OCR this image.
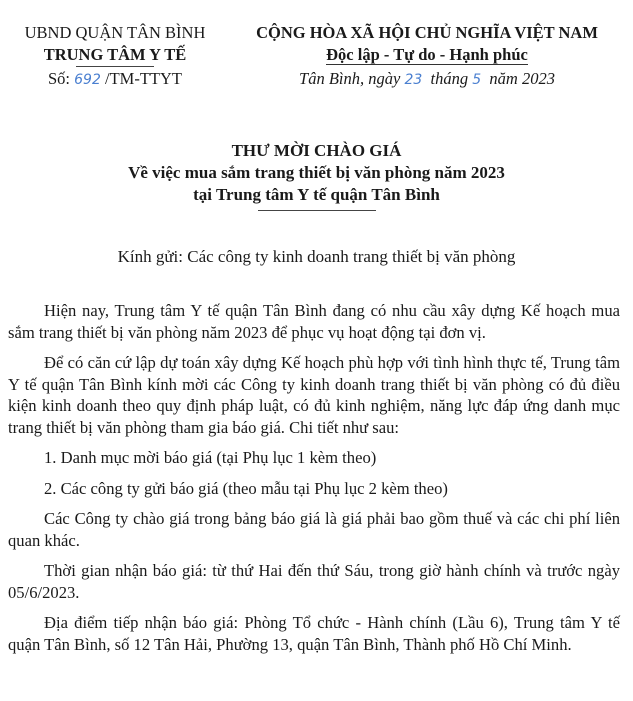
UBND QUẬN TÂN BÌNH
TRUNG TÂM Y TẾ
Số: 692 /TM-TTYT
CỘNG HÒA XÃ HỘI CHỦ NGHĨA VIỆT NAM
Độc lập - Tự do - Hạnh phúc
Tân Bình, ngày 23 tháng 5 năm 2023
THƯ MỜI CHÀO GIÁ
Về việc mua sắm trang thiết bị văn phòng năm 2023
tại Trung tâm Y tế quận Tân Bình
Kính gửi: Các công ty kinh doanh trang thiết bị văn phòng

Hiện nay, Trung tâm Y tế quận Tân Bình đang có nhu cầu xây dựng Kế hoạch mua sắm trang thiết bị văn phòng năm 2023 để phục vụ hoạt động tại đơn vị.

Để có căn cứ lập dự toán xây dựng Kế hoạch phù hợp với tình hình thực tế, Trung tâm Y tế quận Tân Bình kính mời các Công ty kinh doanh trang thiết bị văn phòng có đủ điều kiện kinh doanh theo quy định pháp luật, có đủ kinh nghiệm, năng lực đáp ứng danh mục trang thiết bị văn phòng tham gia báo giá. Chi tiết như sau:

1. Danh mục mời báo giá (tại Phụ lục 1 kèm theo)

2. Các công ty gửi báo giá (theo mẫu tại Phụ lục 2 kèm theo)

Các Công ty chào giá trong bảng báo giá là giá phải bao gồm thuế và các chi phí liên quan khác.

Thời gian nhận báo giá: từ thứ Hai đến thứ Sáu, trong giờ hành chính và trước ngày 05/6/2023.

Địa điểm tiếp nhận báo giá: Phòng Tổ chức - Hành chính (Lầu 6), Trung tâm Y tế quận Tân Bình, số 12 Tân Hải, Phường 13, quận Tân Bình, Thành phố Hồ Chí Minh.
